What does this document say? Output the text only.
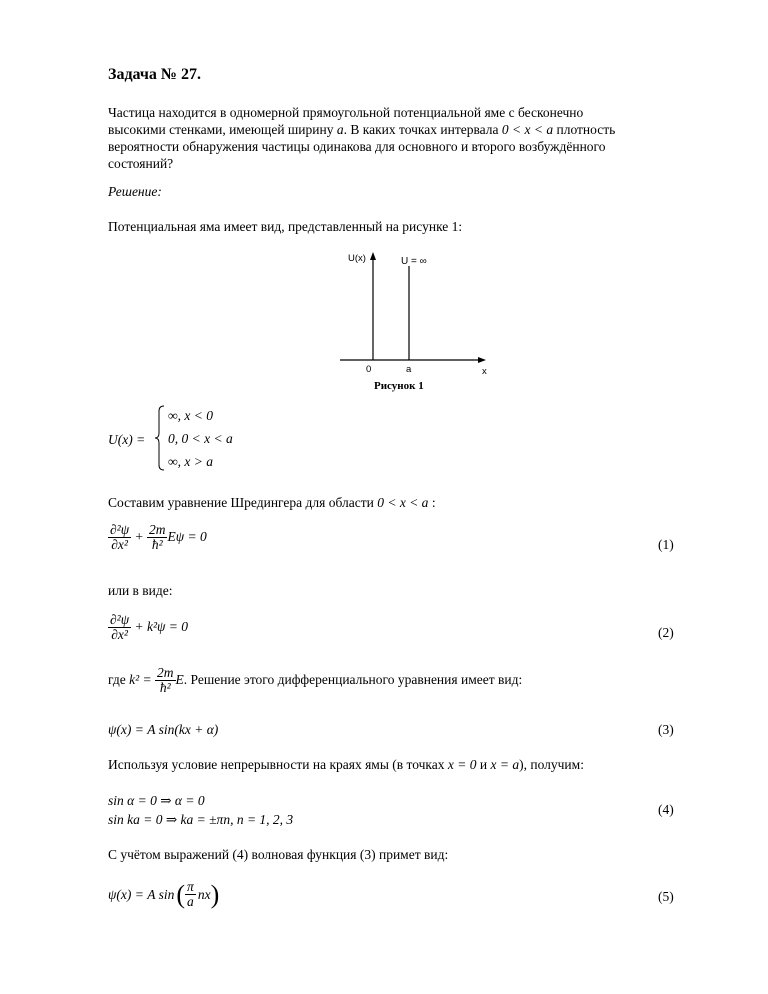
Задача № 27.
Частица находится в одномерной прямоугольной потенциальной яме с бесконечно
высокими стенками, имеющей ширину a. В каких точках интервала 0 < x < a плотность
вероятности обнаружения частицы одинакова для основного и второго возбуждённого
состояний?
Решение:
Потенциальная яма имеет вид, представленный на рисунке 1:
U(x)	U = ∞
x
0	a
Рисунок 1
U(x) =
∞, x < 0
0, 0 < x < a
∞, x > a
Составим уравнение Шредингера для области 0 < x < a :
$\frac{\text{∂²ψ}}{\text{∂x²}} + \frac{2m}{\text{ħ²}}$ Eψ = 0
(1)
или в виде:
$\frac{\text{∂²ψ}}{\text{∂x²}} + k^2\psi = 0$	(2)
где $k^2 = \frac{2m}{\text{ħ²}} E$. Решение этого дифференциального уравнения имеет вид:
ψ(x) = A sin(kx + α)	(3)
Используя условие непрерывности на краях ямы (в точках x = 0 и x = a), получим:
sin α = 0 ⇒ α = 0
sin ka = 0 ⇒ ka = ±πn, n = 1, 2, 3
(4)
С учётом выражений (4) волновая функция (3) примет вид:
ψ(x) = A sin ( $\frac{\pi}{a}$ nx )	(5)
